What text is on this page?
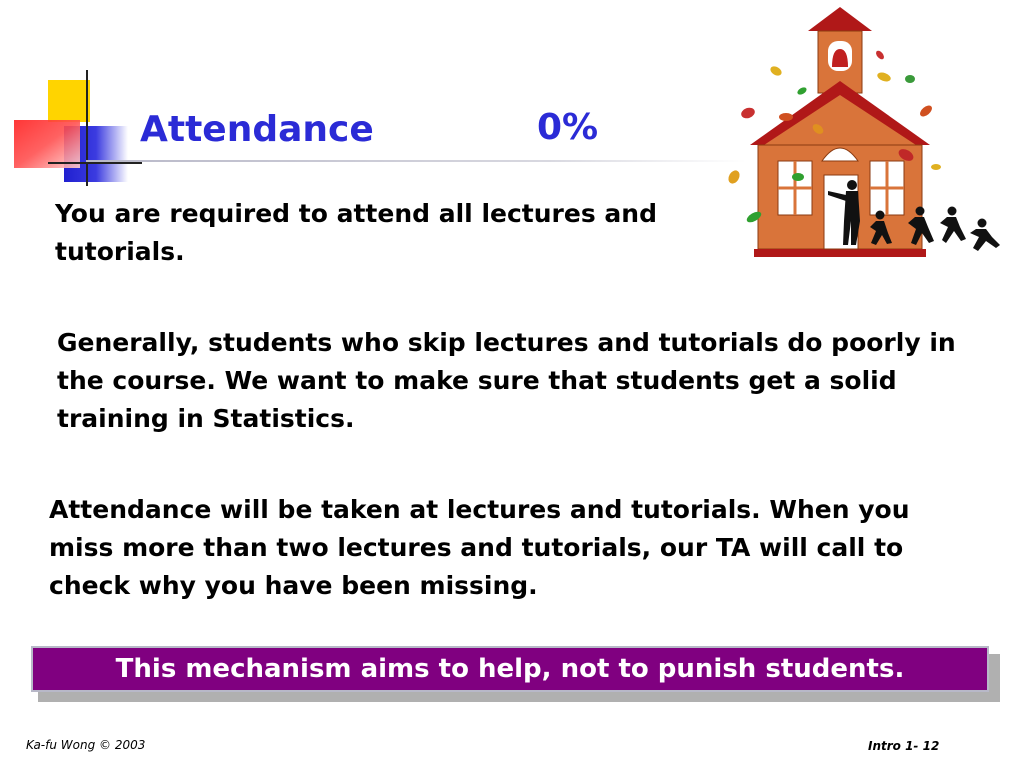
Attendance	0%
You are required to attend all lectures and tutorials.
Generally, students who skip lectures and tutorials do poorly in the course. We want to make sure that students get a solid training in Statistics.
Attendance will be taken at lectures and tutorials. When you miss more than two lectures and tutorials, our TA will call to check why you have been missing.
This mechanism aims to help, not to punish students.
Ka-fu Wong © 2003	Intro 1- 12
